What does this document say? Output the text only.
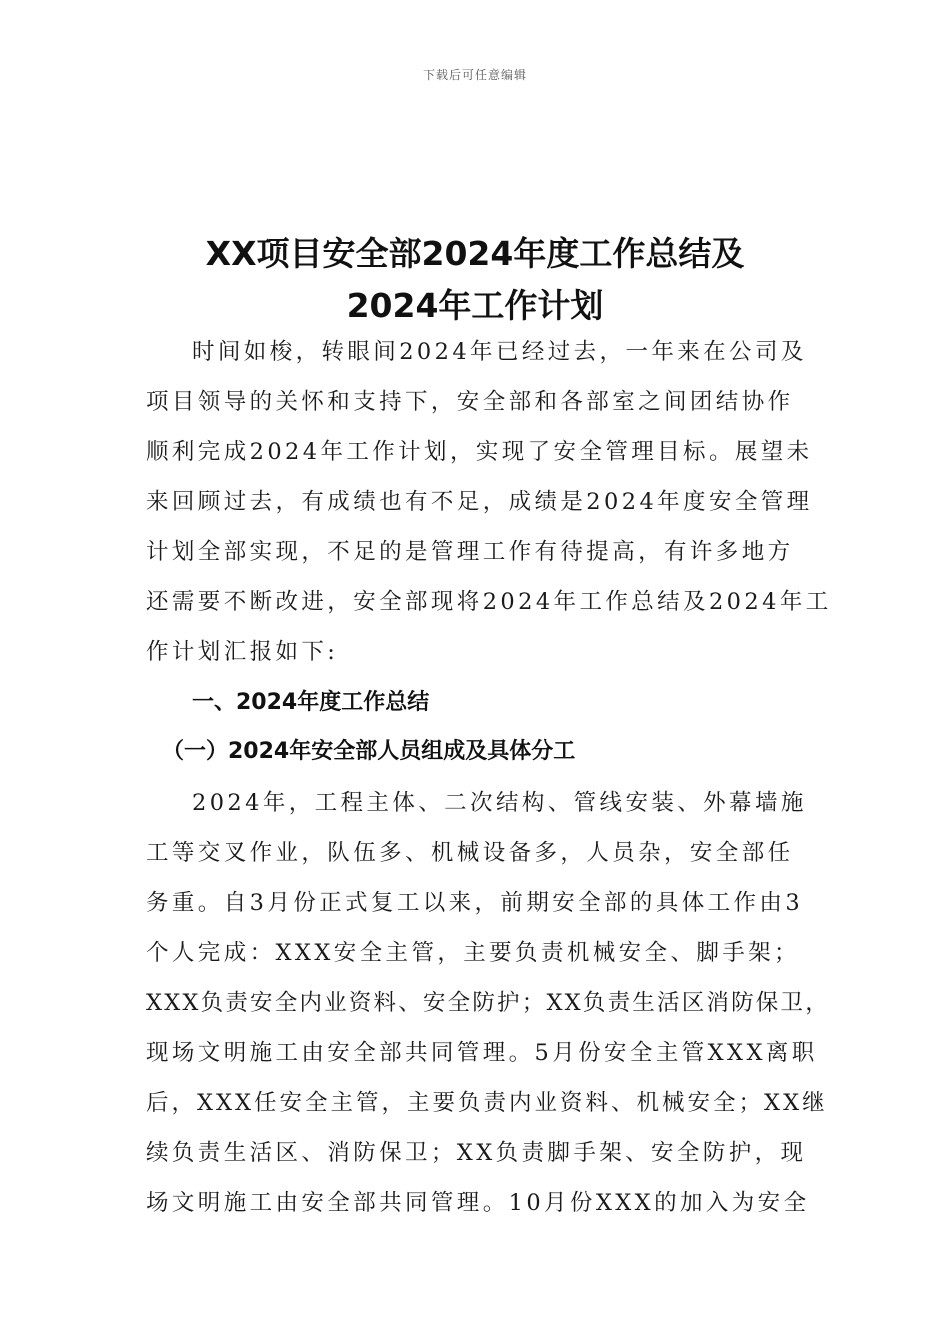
下载后可任意编辑
XX项目安全部2024年度工作总结及
2024年工作计划
时间如梭，转眼间2024年已经过去，一年来在公司及
项目领导的关怀和支持下，安全部和各部室之间团结协作
顺利完成2024年工作计划，实现了安全管理目标。展望未
来回顾过去，有成绩也有不足，成绩是2024年度安全管理
计划全部实现，不足的是管理工作有待提高，有许多地方
还需要不断改进，安全部现将2024年工作总结及2024年工
作计划汇报如下:
一、2024年度工作总结
（一）2024年安全部人员组成及具体分工
2024年，工程主体、二次结构、管线安装、外幕墙施
工等交叉作业，队伍多、机械设备多，人员杂，安全部任
务重。自3月份正式复工以来，前期安全部的具体工作由3
个人完成：XXX安全主管，主要负责机械安全、脚手架；
XXX负责安全内业资料、安全防护；XX负责生活区消防保卫，
现场文明施工由安全部共同管理。5月份安全主管XXX离职
后，XXX任安全主管，主要负责内业资料、机械安全；XX继
续负责生活区、消防保卫；XX负责脚手架、安全防护，现
场文明施工由安全部共同管理。10月份XXX的加入为安全
